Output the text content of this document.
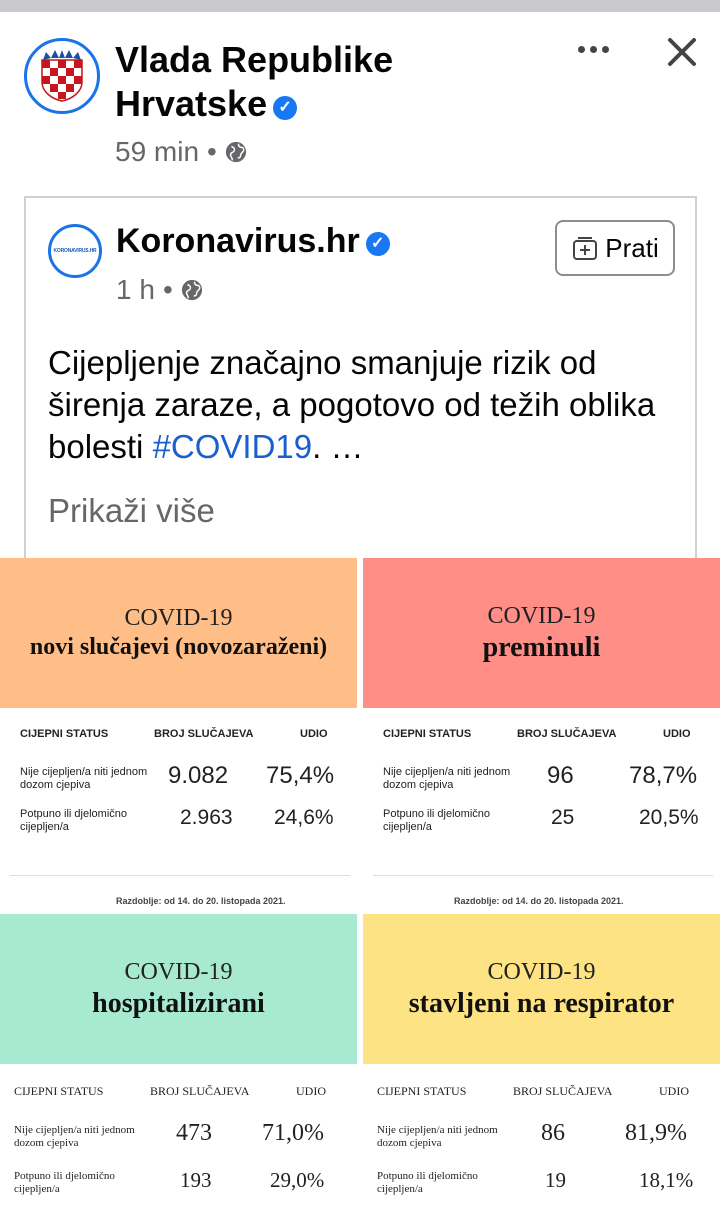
Vlada Republike Hrvatske ✓
59 min •
KORONAVIRUS.HR Koronavirus.hr ✓
1 h •
Prati
Cijepljenje značajno smanjuje rizik od širenja zaraze, a pogotovo od težih oblika bolesti #COVID19. …
Prikaži više
COVID-19
novi slučajevi (novozaraženi)
CIJEPNI STATUS	BROJ SLUČAJEVA	UDIO
Nije cijepljen/a niti jednom dozom cjepiva	9.082 75,4%
Potpuno ili djelomično cijepljen/a	2.963 24,6%
Razdoblje: od 14. do 20. listopada 2021.
COVID-19
preminuli
CIJEPNI STATUS	BROJ SLUČAJEVA	UDIO
Nije cijepljen/a niti jednom dozom cjepiva	96 78,7%
Potpuno ili djelomično cijepljen/a	25	20,5%
Razdoblje: od 14. do 20. listopada 2021.
COVID-19
hospitalizirani
CIJEPNI STATUS	BROJ SLUČAJEVA	UDIO
Nije cijepljen/a niti jednom dozom cjepiva	473 71,0%
Potpuno ili djelomično cijepljen/a	193	29,0%
COVID-19
stavljeni na respirator
CIJEPNI STATUS	BROJ SLUČAJEVA	UDIO
Nije cijepljen/a niti jednom dozom cjepiva	86	81,9%
Potpuno ili djelomično cijepljen/a	19	18,1%
